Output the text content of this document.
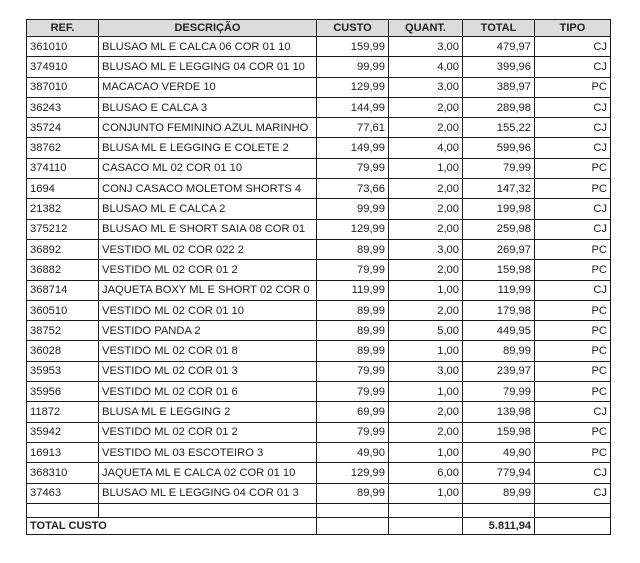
REF.	DESCRIÇÃO	CUSTO	QUANT.	TOTAL	TIPO
361010	BLUSAO ML E CALCA 06 COR 01 10	159,99	3,00	479,97	CJ
374910	BLUSAO ML E LEGGING 04 COR 01 10	99,99	4,00	399,96	CJ
387010	MACACAO VERDE 10	129,99	3,00	389,97	PC
36243	BLUSAO E CALCA 3	144,99	2,00	289,98	CJ
35724	CONJUNTO FEMININO AZUL MARINHO	77,61	2,00	155,22	CJ
38762	BLUSA ML E LEGGING E COLETE 2	149,99	4,00	599,96	CJ
374110	CASACO ML 02 COR 01 10	79,99	1,00	79,99	PC
1694	CONJ CASACO MOLETOM SHORTS 4	73,66	2,00	147,32	PC
21382	BLUSAO ML E CALCA 2	99,99	2,00	199,98	CJ
375212	BLUSAO ML E SHORT SAIA 08 COR 01	129,99	2,00	259,98	CJ
36892	VESTIDO ML 02 COR 022 2	89,99	3,00	269,97	PC
36882	VESTIDO ML 02 COR 01 2	79,99	2,00	159,98	PC
368714	JAQUETA BOXY ML E SHORT 02 COR 0	119,99	1,00	119,99	CJ
360510	VESTIDO ML 02 COR 01 10	89,99	2,00	179,98	PC
38752	VESTIDO PANDA 2	89,99	5,00	449,95	PC
36028	VESTIDO ML 02 COR 01 8	89,99	1,00	89,99	PC
35953	VESTIDO ML 02 COR 01 3	79,99	3,00	239,97	PC
35956	VESTIDO ML 02 COR 01 6	79,99	1,00	79,99	PC
11872	BLUSA ML E LEGGING 2	69,99	2,00	139,98	CJ
35942	VESTIDO ML 02 COR 01 2	79,99	2,00	159,98	PC
16913	VESTIDO ML 03 ESCOTEIRO 3	49,90	1,00	49,90	PC
368310	JAQUETA ML E CALCA 02 COR 01 10	129,99	6,00	779,94	CJ
37463	BLUSAO ML E LEGGING 04 COR 01 3	89,99	1,00	89,99	CJ

TOTAL CUSTO				5.811,94	
